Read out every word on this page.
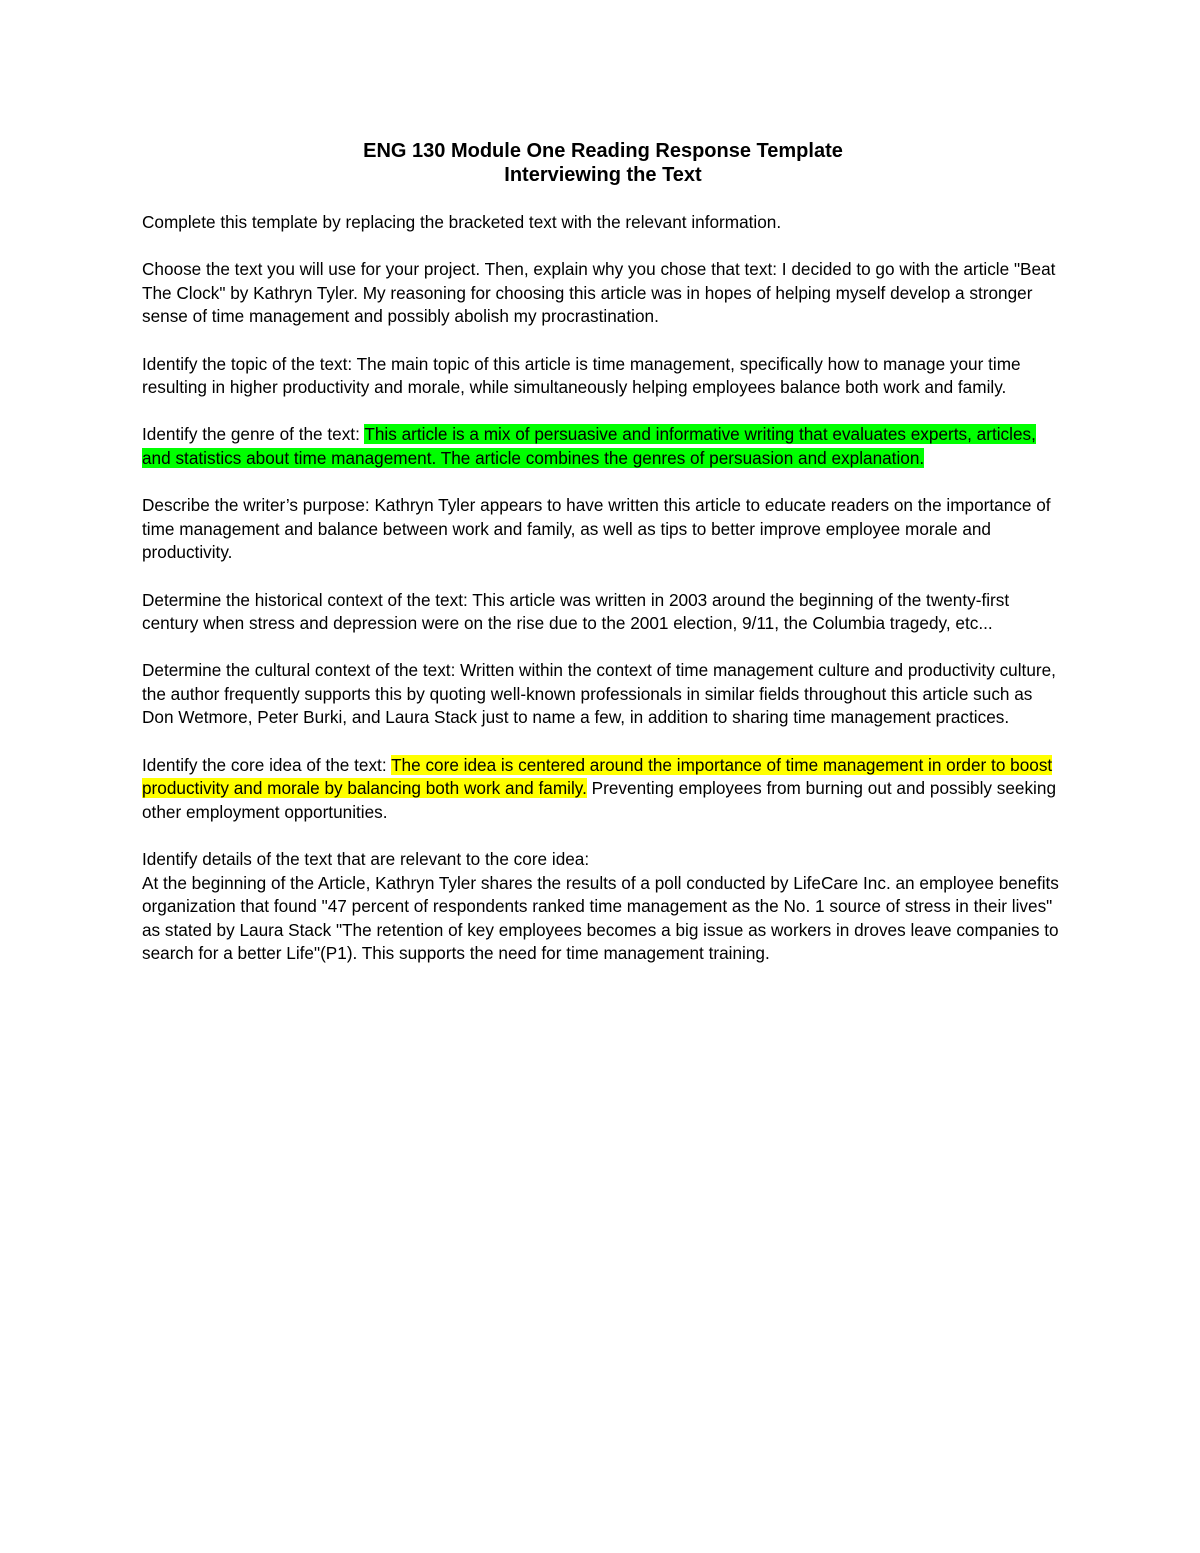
ENG 130 Module One Reading Response Template
Interviewing the Text

Complete this template by replacing the bracketed text with the relevant information.

Choose the text you will use for your project. Then, explain why you chose that text: I decided to go with the article "Beat The Clock" by Kathryn Tyler. My reasoning for choosing this article was in hopes of helping myself develop a stronger sense of time management and possibly abolish my procrastination.

Identify the topic of the text: The main topic of this article is time management, specifically how to manage your time resulting in higher productivity and morale, while simultaneously helping employees balance both work and family.

Identify the genre of the text: This article is a mix of persuasive and informative writing that evaluates experts, articles, and statistics about time management. The article combines the genres of persuasion and explanation.

Describe the writer’s purpose: Kathryn Tyler appears to have written this article to educate readers on the importance of time management and balance between work and family, as well as tips to better improve employee morale and productivity.

Determine the historical context of the text: This article was written in 2003 around the beginning of the twenty-first century when stress and depression were on the rise due to the 2001 election, 9/11, the Columbia tragedy, etc...

Determine the cultural context of the text: Written within the context of time management culture and productivity culture, the author frequently supports this by quoting well-known professionals in similar fields throughout this article such as Don Wetmore, Peter Burki, and Laura Stack just to name a few, in addition to sharing time management practices.

Identify the core idea of the text: The core idea is centered around the importance of time management in order to boost productivity and morale by balancing both work and family. Preventing employees from burning out and possibly seeking other employment opportunities.

Identify details of the text that are relevant to the core idea:
At the beginning of the Article, Kathryn Tyler shares the results of a poll conducted by LifeCare Inc. an employee benefits organization that found "47 percent of respondents ranked time management as the No. 1 source of stress in their lives" as stated by Laura Stack "The retention of key employees becomes a big issue as workers in droves leave companies to search for a better Life"(P1). This supports the need for time management training.
